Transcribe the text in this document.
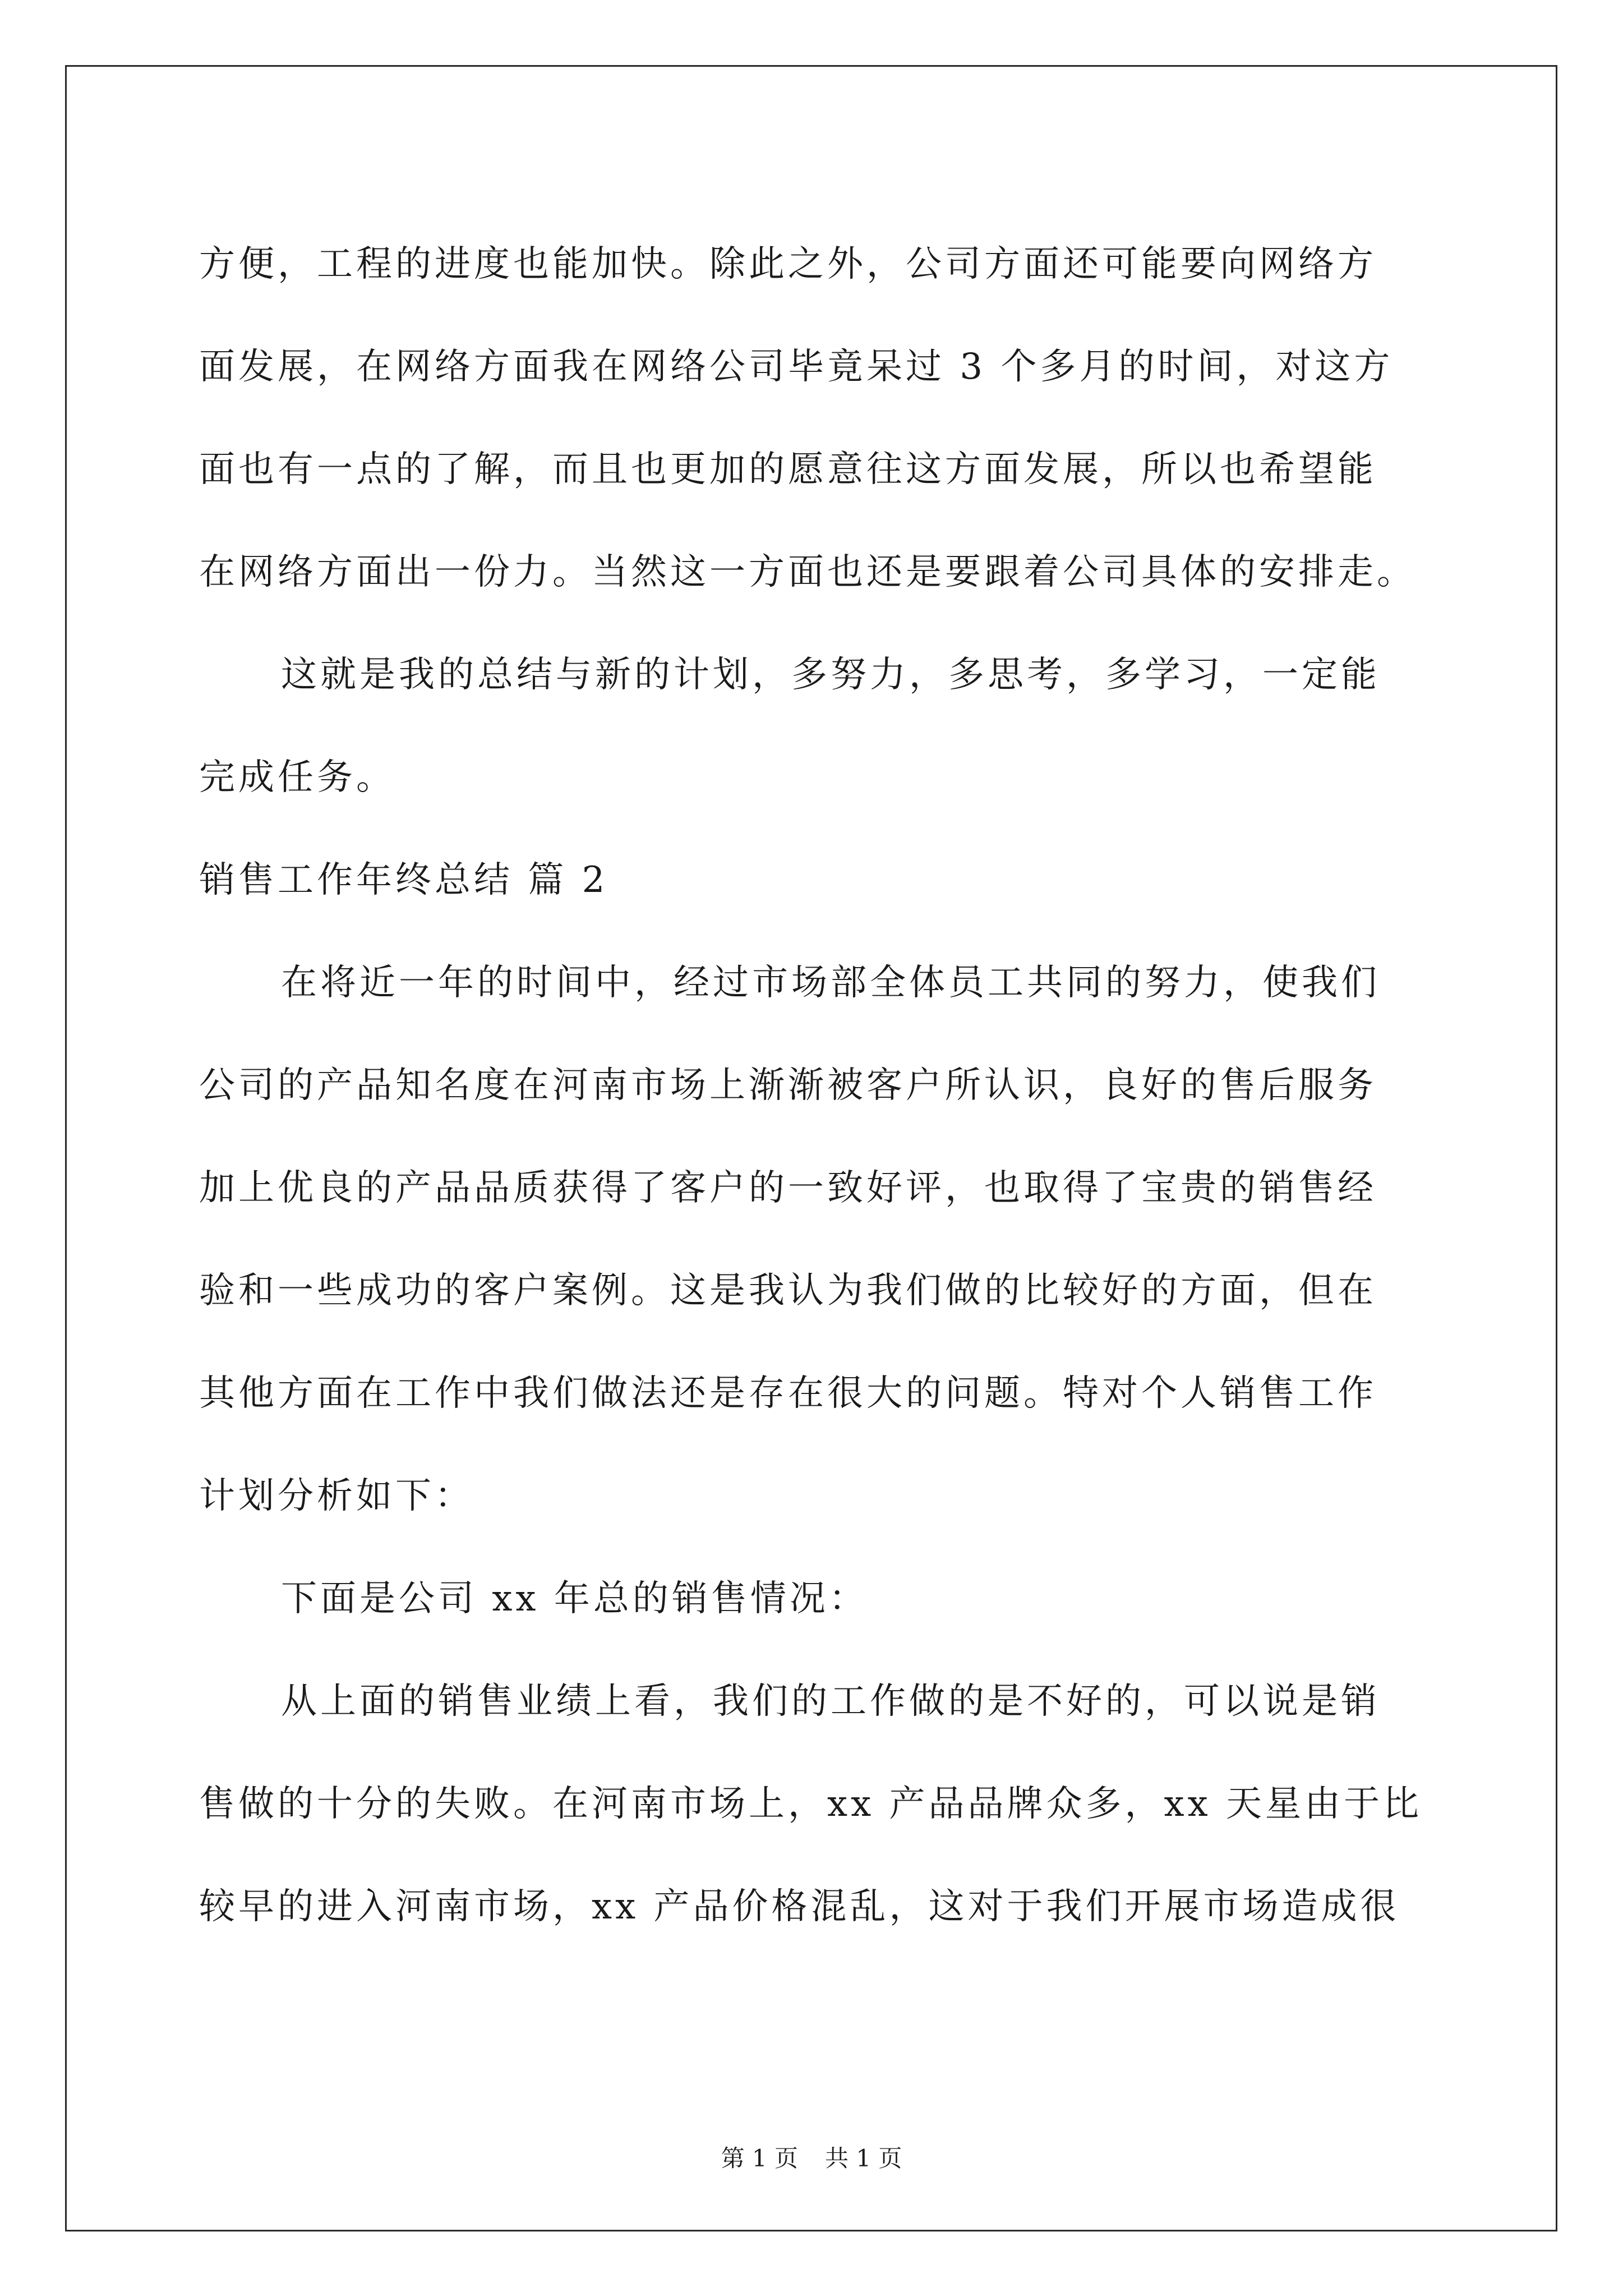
方便，工程的进度也能加快。除此之外，公司方面还可能要向网络方
面发展，在网络方面我在网络公司毕竟呆过 3 个多月的时间，对这方
面也有一点的了解，而且也更加的愿意往这方面发展，所以也希望能
在网络方面出一份力。当然这一方面也还是要跟着公司具体的安排走。
这就是我的总结与新的计划，多努力，多思考，多学习，一定能
完成任务。
销售工作年终总结 篇 2
在将近一年的时间中，经过市场部全体员工共同的努力，使我们
公司的产品知名度在河南市场上渐渐被客户所认识，良好的售后服务
加上优良的产品品质获得了客户的一致好评，也取得了宝贵的销售经
验和一些成功的客户案例。这是我认为我们做的比较好的方面，但在
其他方面在工作中我们做法还是存在很大的问题。特对个人销售工作
计划分析如下：
下面是公司 xx 年总的销售情况：
从上面的销售业绩上看，我们的工作做的是不好的，可以说是销
售做的十分的失败。在河南市场上，xx 产品品牌众多，xx 天星由于比
较早的进入河南市场，xx 产品价格混乱，这对于我们开展市场造成很
第 1 页 共 1 页
